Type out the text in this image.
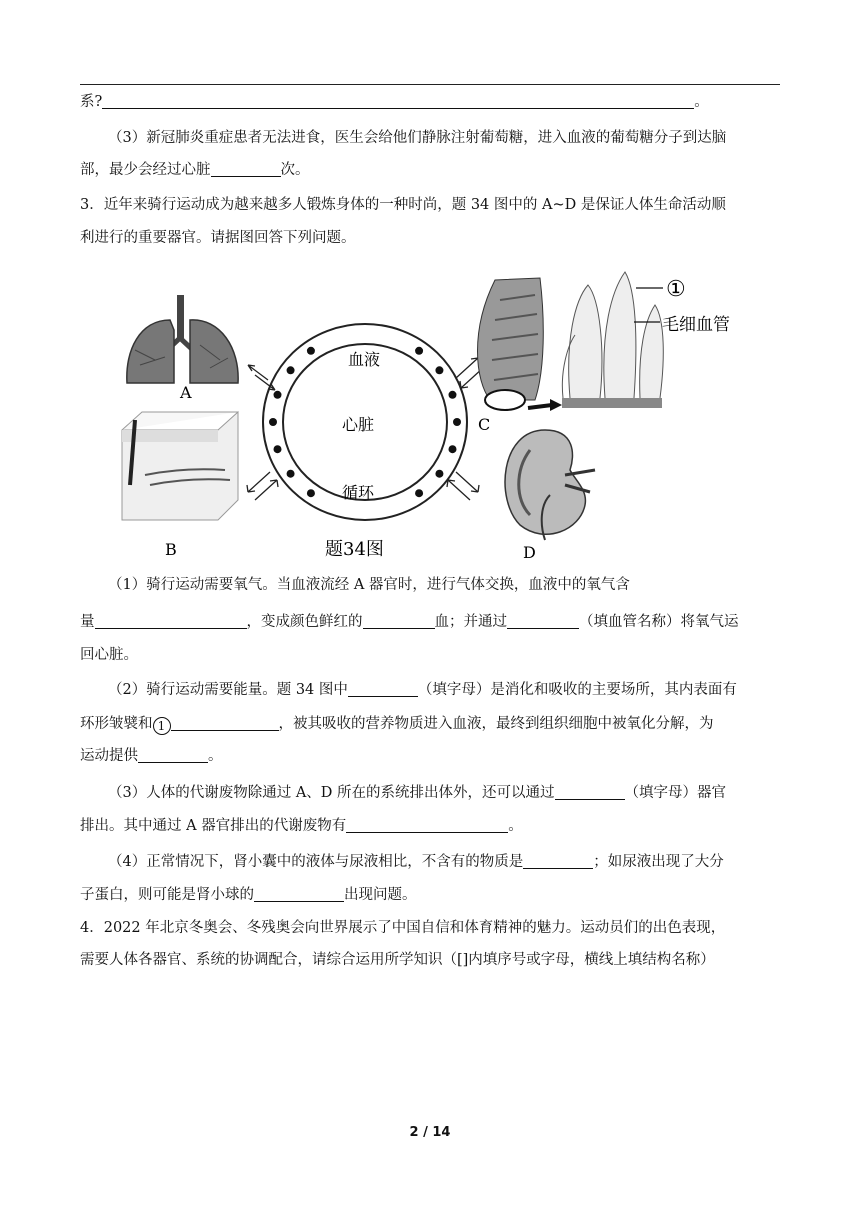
系?	。
（3）新冠肺炎重症患者无法进食，医生会给他们静脉注射葡萄糖，进入血液的葡萄糖分子到达脑
部，最少会经过心脏	次。
3．近年来骑行运动成为越来越多人锻炼身体的一种时尚，题 34 图中的 A~D 是保证人体生命活动顺
利进行的重要器官。请据图回答下列问题。
A
B
血液
心脏
循环
题34图
①
毛细血管
C
D
（1）骑行运动需要氧气。当血液流经 A 器官时，进行气体交换，血液中的氧气含
量	，变成颜色鲜红的	血；并通过	（填血管名称）将氧气运
回心脏。
（2）骑行运动需要能量。题 34 图中	（填字母）是消化和吸收的主要场所，其内表面有
环形皱襞和 1	，被其吸收的营养物质进入血液，最终到组织细胞中被氧化分解，为
运动提供	。
（3）人体的代谢废物除通过 A、D 所在的系统排出体外，还可以通过	（填字母）器官
排出。其中通过 A 器官排出的代谢废物有	。
（4）正常情况下，肾小囊中的液体与尿液相比，不含有的物质是	；如尿液出现了大分
子蛋白，则可能是肾小球的	出现问题。
4．2022 年北京冬奥会、冬残奥会向世界展示了中国自信和体育精神的魅力。运动员们的出色表现，
需要人体各器官、系统的协调配合，请综合运用所学知识（[]内填序号或字母，横线上填结构名称）
2 / 14
